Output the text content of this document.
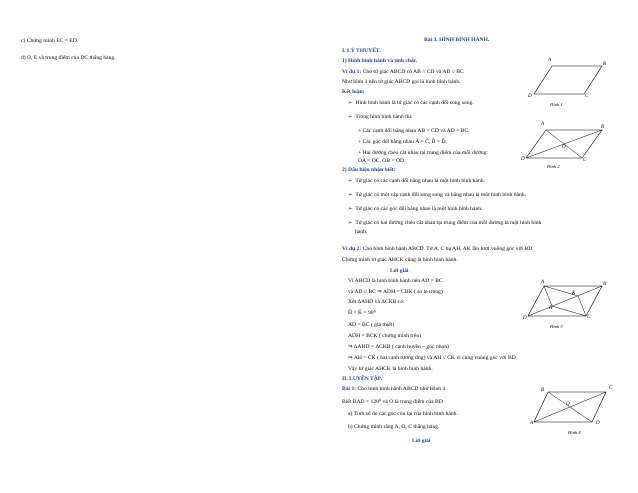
c) Chứng minh EC = ED.
d) O, E và trung điểm của DC thẳng hàng.
Bài 3. HÌNH BÌNH HÀNH.
I. LÝ THUYẾT.
1) Hình bình hành và tính chất.
Ví dụ 1: Cho tứ giác ABCD có AB // CD và AD // BC
Như hình 1 nên tứ giác ABCD gọi là hình bình hành.
Kết luận:
➢ Hình bình hành là tứ giác có các cạnh đối song song.
➢ Trong hình bình hành thì:
+ Các cạnh đối bằng nhau AB = CD và AD = BC.
+ Các góc đối bằng nhau Â = Ĉ, B̂ = D̂.
+ Hai đường chéo cắt nhau tại trung điểm của mỗi đường:
OA = OC, OB = OD.
2) Dấu hiệu nhận biết:
➢ Tứ giác có các cạnh đối bằng nhau là một hình bình hành.
➢ Tứ giác có một cặp cạnh đối song song và bằng nhau là một hình bình hành.
➢ Tứ giác có các góc đối bằng nhau là một hình bình hành.
➢ Tứ giác có hai đường chéo cắt nhau tại trung điểm của mỗi đường là một hình bình
hành.
Ví dụ 2: Cho hình bình hành ABCD. Từ A, C hạ AH, AK lần lượt vuông góc với BD.
Chứng minh tứ giác AHCK cũng là hình bình hành.
Lời giải
Vì ABCD là hình bình hành nên AD = BC
và AD // BC ⇒ ADH = CBK ( so le trong)
Xét ΔAHD và ΔCKB có:
Ĥ = K̂ = 90⁰
AD = BC ( giả thiết)
ADH = BCK ( chứng minh trên)
⇒ ΔAHD = ΔCKB ( cạnh huyền – góc nhọn)
⇒ AH = CK ( hai cạnh tương ứng) và AH // CK vì cùng vuông góc với BD
Vậy tứ giác AHCK là hình bình hành.
II. LUYỆN TẬP.
Bài 1: Cho hình bình hành ABCD như Hình 4.
Biết BAD = 120⁰ và O là trung điểm của BD
a) Tính số đo các góc còn lại của hình bình hành.
b) Chứng minh rằng A, O, C thẳng hàng.
Lời giải
A
B
C
D
Hình 1
A
B
C
D
O
Hình 2
A	B
C
D
H
K
Hình 3
B	C
A	D
O
Hình 4
